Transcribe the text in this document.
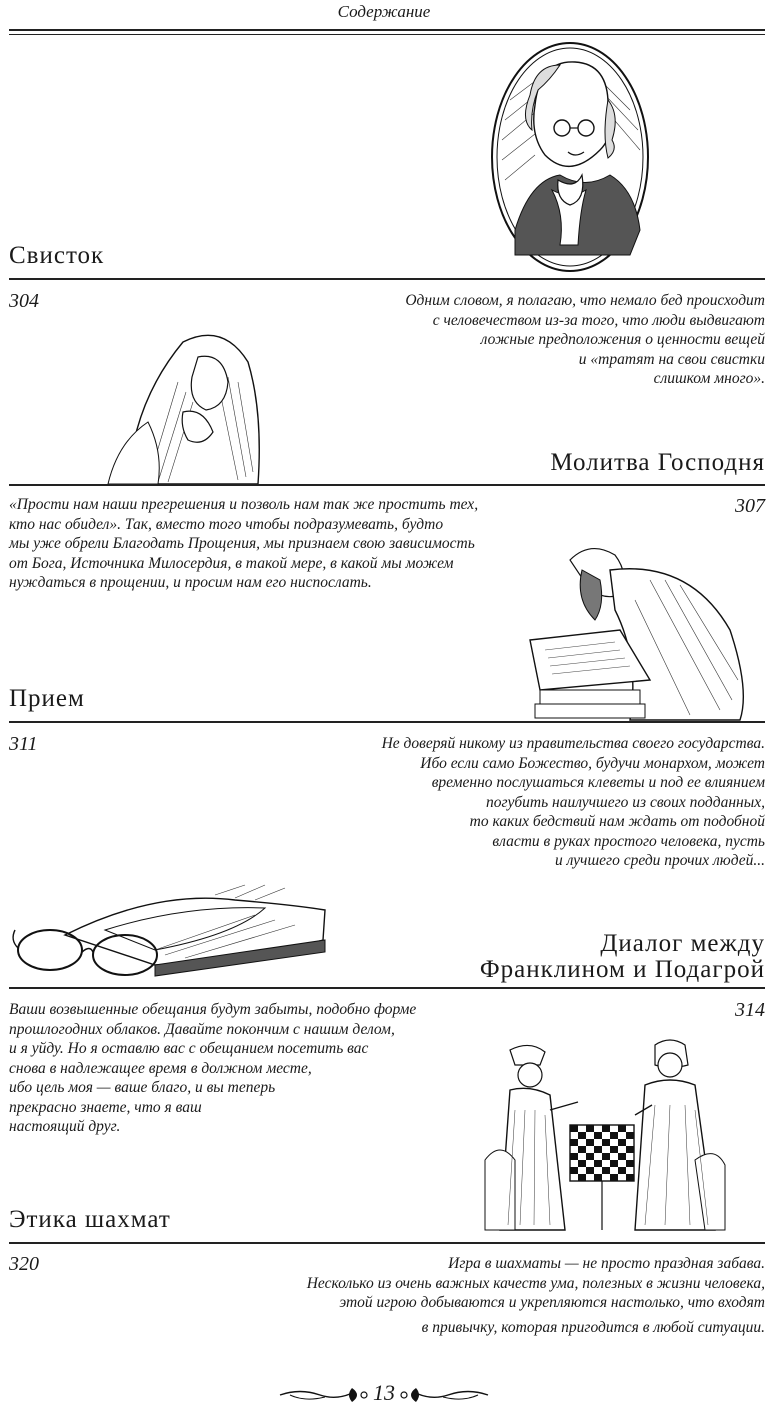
Содержание
Свисток
304	Одним словом, я полагаю, что немало бед происходит
с человечеством из-за того, что люди выдвигают
ложные предположения о ценности вещей
и «тратят на свои свистки
слишком много».
Молитва Господня
307
«Прости нам наши прегрешения и позволь нам так же простить тех,
кто нас обидел». Так, вместо того чтобы подразумевать, будто
мы уже обрели Благодать Прощения, мы признаем свою зависимость
от Бога, Источника Милосердия, в такой мере, в какой мы можем
нуждаться в прощении, и просим нам его ниспослать.
Прием
311	Не доверяй никому из правительства своего государства.
Ибо если само Божество, будучи монархом, может
временно послушаться клеветы и под ее влиянием
погубить наилучшего из своих подданных,
то каких бедствий нам ждать от подобной
власти в руках простого человека, пусть
и лучшего среди прочих людей...
Диалог между
Франклином и Подагрой
314
Ваши возвышенные обещания будут забыты, подобно форме
прошлогодних облаков. Давайте покончим с нашим делом,
и я уйду. Но я оставлю вас с обещанием посетить вас
снова в надлежащее время в должном месте,
ибо цель моя — ваше благо, и вы теперь
прекрасно знаете, что я ваш
настоящий друг.
Этика шахмат
320	Игра в шахматы — не просто праздная забава.
Несколько из очень важных качеств ума, полезных в жизни человека,
этой игрою добываются и укрепляются настолько, что входят
в привычку, которая пригодится в любой ситуации.
13
